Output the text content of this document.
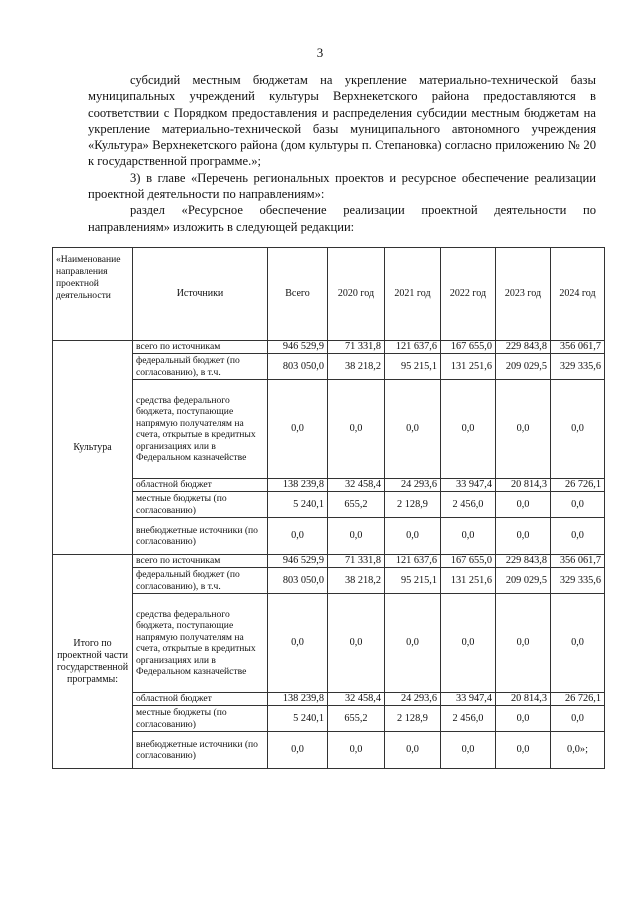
3

субсидий местным бюджетам на укрепление материально-технической базы муниципальных учреждений культуры Верхнекетского района предоставляются в соответствии с Порядком предоставления и распределения субсидии местным бюджетам на укрепление материально-технической базы муниципального автономного учреждения «Культура» Верхнекетского района (дом культуры п. Степановка) согласно приложению № 20 к государственной программе.»;

3) в главе «Перечень региональных проектов и ресурсное обеспечение реализации проектной деятельности по направлениям»:

раздел «Ресурсное обеспечение реализации проектной деятельности по направлениям» изложить в следующей редакции:

«Наименование направления проектной деятельности	Источники	Всего	2020 год	2021 год	2022 год	2023 год	2024 год
Культура	всего по источникам	946 529,9	71 331,8	121 637,6	167 655,0	229 843,8	356 061,7
	федеральный бюджет (по согласованию), в т.ч.	803 050,0	38 218,2	95 215,1	131 251,6	209 029,5	329 335,6
	средства федерального бюджета, поступающие напрямую получателям на счета, открытые в кредитных организациях или в Федеральном казначействе	0,0	0,0	0,0	0,0	0,0	0,0
	областной бюджет	138 239,8	32 458,4	24 293,6	33 947,4	20 814,3	26 726,1
	местные бюджеты (по согласованию)	5 240,1	655,2	2 128,9	2 456,0	0,0	0,0
	внебюджетные источники (по согласованию)	0,0	0,0	0,0	0,0	0,0	0,0
Итого по проектной части государственной программы:	всего по источникам	946 529,9	71 331,8	121 637,6	167 655,0	229 843,8	356 061,7
	федеральный бюджет (по согласованию), в т.ч.	803 050,0	38 218,2	95 215,1	131 251,6	209 029,5	329 335,6
	средства федерального бюджета, поступающие напрямую получателям на счета, открытые в кредитных организациях или в Федеральном казначействе	0,0	0,0	0,0	0,0	0,0	0,0
	областной бюджет	138 239,8	32 458,4	24 293,6	33 947,4	20 814,3	26 726,1
	местные бюджеты (по согласованию)	5 240,1	655,2	2 128,9	2 456,0	0,0	0,0
	внебюджетные источники (по согласованию)	0,0	0,0	0,0	0,0	0,0	0,0»;
